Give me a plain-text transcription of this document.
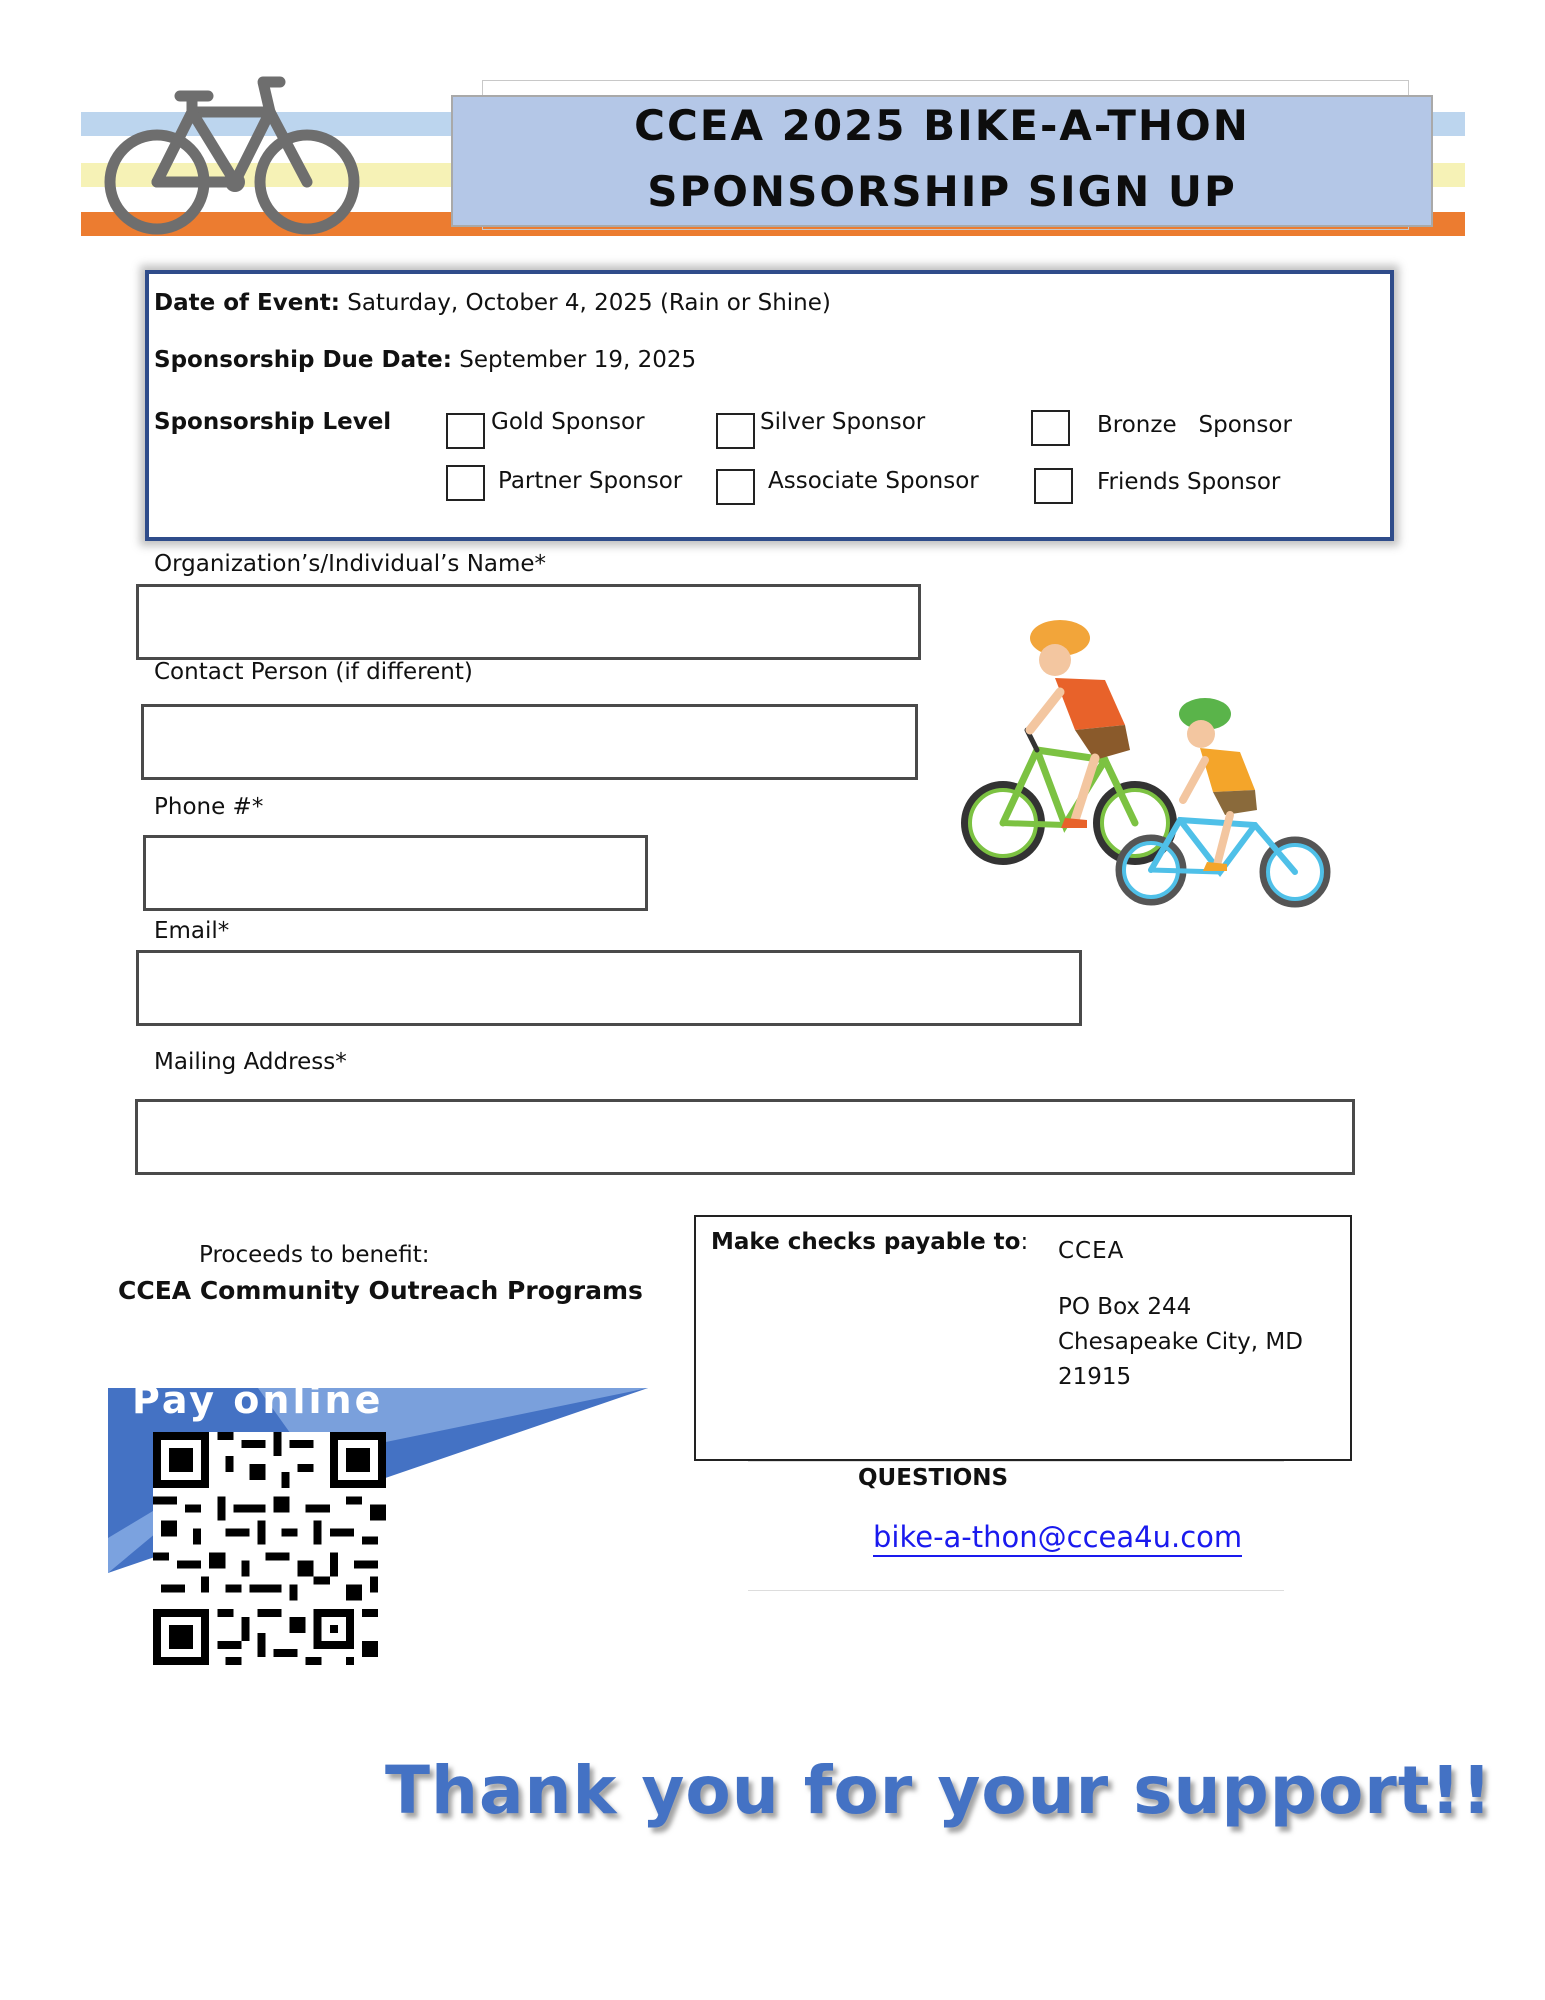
CCEA 2025 BIKE-A-THON
SPONSORSHIP SIGN UP
Date of Event: Saturday, October 4, 2025 (Rain or Shine)
Sponsorship Due Date: September 19, 2025
Sponsorship Level	Gold Sponsor	Silver Sponsor	Bronze   Sponsor
Partner Sponsor	Associate Sponsor	Friends Sponsor
Organization’s/Individual’s Name*
Contact Person (if different)
Phone #*
Email*
Mailing Address*
Proceeds to benefit:
CCEA Community Outreach Programs
Make checks payable to: CCEA
PO Box 244
Chesapeake City, MD
21915
Pay online
QUESTIONS
bike-a-thon@ccea4u.com
Thank you for your support!!
